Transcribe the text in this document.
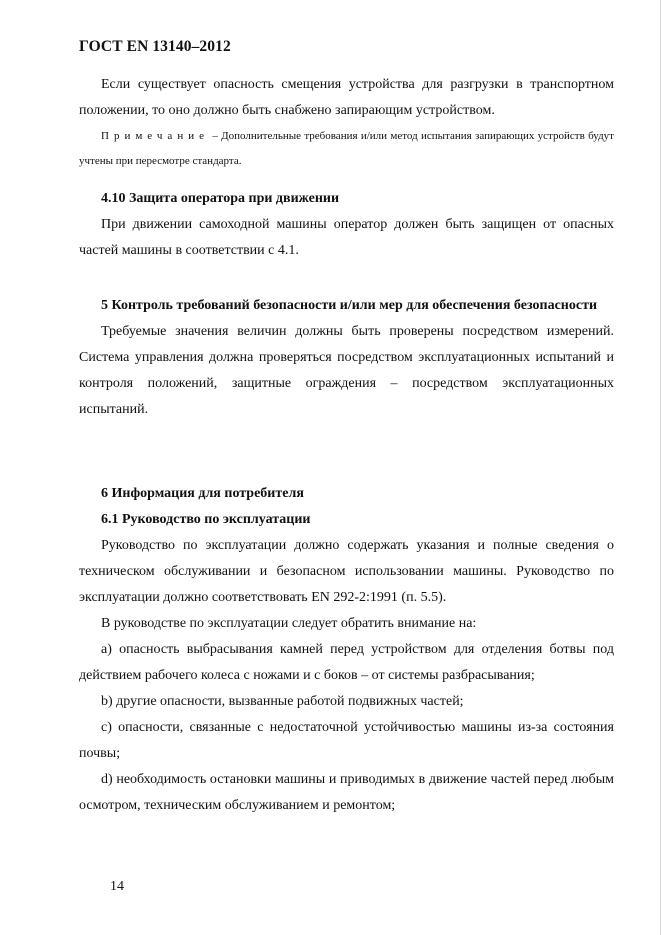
ГОСТ EN 13140–2012

Если существует опасность смещения устройства для разгрузки в транспортном положении, то оно должно быть снабжено запирающим устройством.

Примечание – Дополнительные требования и/или метод испытания запирающих устройств будут учтены при пересмотре стандарта.

4.10 Защита оператора при движении

При движении самоходной машины оператор должен быть защищен от опасных частей машины в соответствии с 4.1.

5 Контроль требований безопасности и/или мер для обеспечения безопасности

Требуемые значения величин должны быть проверены посредством измерений. Система управления должна проверяться посредством эксплуатационных испытаний и контроля положений, защитные ограждения – посредством эксплуатационных испытаний.

6 Информация для потребителя

6.1 Руководство по эксплуатации

Руководство по эксплуатации должно содержать указания и полные сведения о техническом обслуживании и безопасном использовании машины. Руководство по эксплуатации должно соответствовать EN 292-2:1991 (п. 5.5).

В руководстве по эксплуатации следует обратить внимание на:

a) опасность выбрасывания камней перед устройством для отделения ботвы под действием рабочего колеса с ножами и с боков – от системы разбрасывания;

b) другие опасности, вызванные работой подвижных частей;

c) опасности, связанные с недостаточной устойчивостью машины из-за состояния почвы;

d) необходимость остановки машины и приводимых в движение частей перед любым осмотром, техническим обслуживанием и ремонтом;

14
